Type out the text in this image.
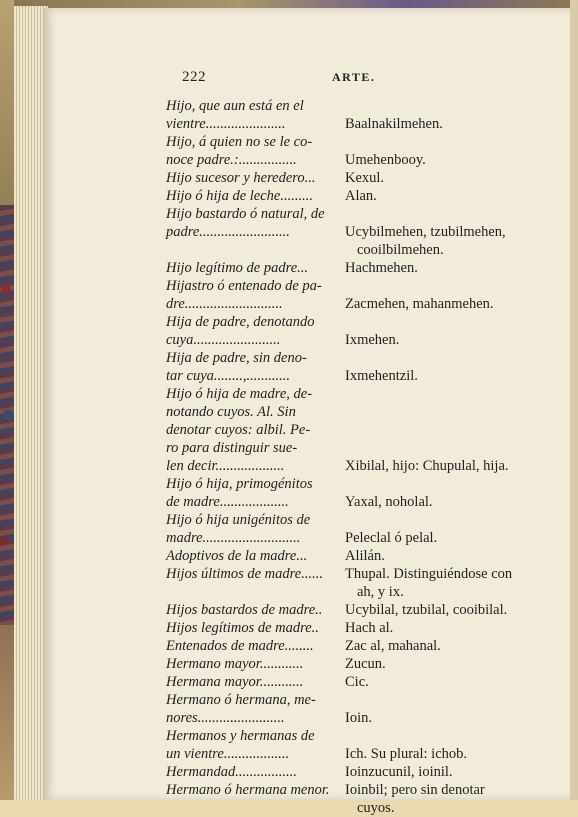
222	ARTE.
Hijo, que aun está en el
vientre......................	Baalnakilmehen.
Hijo, á quien no se le co-
noce padre.:................	Umehenbooy.
Hijo sucesor y heredero... Kexul.
Hijo ó hija de leche......... Alan.
Hijo bastardo ó natural, de
padre.........................	Ucybilmehen, tzubilmehen,
cooilbilmehen.
Hijo legítimo de padre...	Hachmehen.
Hijastro ó entenado de pa-
dre...........................	Zacmehen, mahanmehen.
Hija de padre, denotando
cuya........................	Ixmehen.
Hija de padre, sin deno-
tar cuya........,............	Ixmehentzil.
Hijo ó hija de madre, de-
notando cuyos. Al. Sin
denotar cuyos: albil. Pe-
ro para distinguir sue-
len decir...................	Xibilal, hijo: Chupulal, hija.
Hijo ó hija, primogénitos
de madre...................	Yaxal, noholal.
Hijo ó hija unigénitos de
madre...........................	Peleclal ó pelal.
Adoptivos de la madre...	Alilán.
Hijos últimos de madre...... Thupal. Distinguiéndose con
ah, y ix.
Hijos bastardos de madre.. Ucybilal, tzubilal, cooibilal.
Hijos legítimos de madre.. Hach al.
Entenados de madre........ Zac al, mahanal.
Hermano mayor............	Zucun.
Hermana mayor............	Cic.
Hermano ó hermana, me-
nores........................	Ioin.
Hermanos y hermanas de
un vientre..................	Ich. Su plural: ichob.
Hermandad.................	Ioinzucunil, ioinil.
Hermano ó hermana menor. Ioinbil; pero sin denotar
cuyos.
